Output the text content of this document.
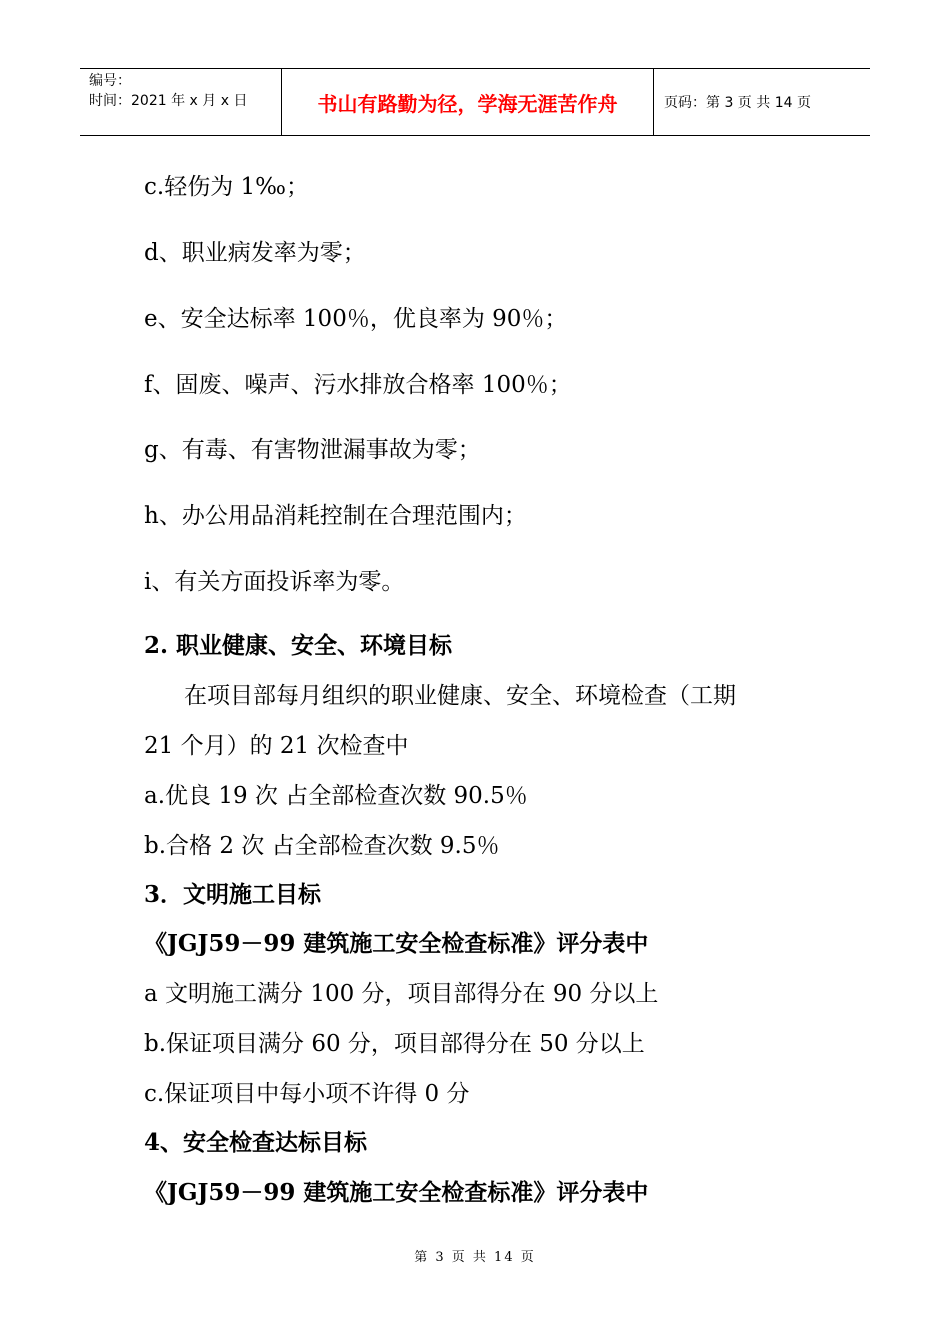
编号：
时间：2021 年 x 月 x 日	书山有路勤为径，学海无涯苦作舟	页码：第 3 页 共 14 页
c.轻伤为 1‰；
d、职业病发率为零；
e、安全达标率 100％，优良率为 90％；
f、固废、噪声、污水排放合格率 100％；
g、有毒、有害物泄漏事故为零；
h、办公用品消耗控制在合理范围内；
i、有关方面投诉率为零。
2. 职业健康、安全、环境目标
在项目部每月组织的职业健康、安全、环境检查（工期
21 个月）的 21 次检查中
a.优良 19 次 占全部检查次数 90.5％
b.合格 2 次 占全部检查次数 9.5％
3．文明施工目标
《JGJ59－99 建筑施工安全检查标准》评分表中
a 文明施工满分 100 分，项目部得分在 90 分以上
b.保证项目满分 60 分，项目部得分在 50 分以上
c.保证项目中每小项不许得 0 分
4、安全检查达标目标
《JGJ59－99 建筑施工安全检查标准》评分表中
第 3 页 共 14 页
